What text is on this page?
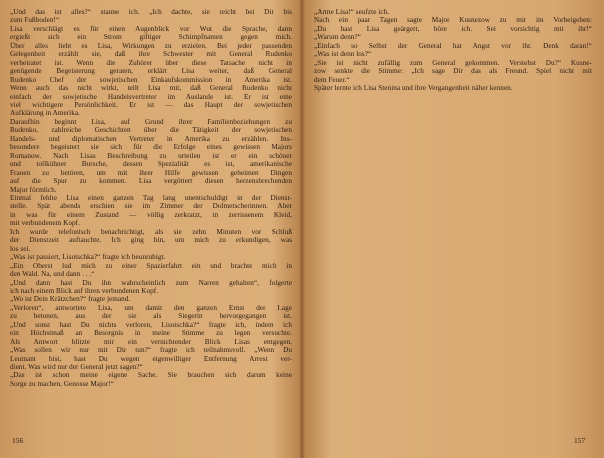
„Und das ist alles?“ staune ich. „Ich dachte, sie reicht bei Dir bis
zum Fußboden!“
Lisa verschlägt es für einen Augenblick vor Wut die Sprache, dann
ergießt sich ein Strom giftiger Schimpfnamen gegen mich.
Über alles liebt es Lisa, Wirkungen zu erzielen. Bei jeder passenden
Gelegenheit erzählt sie, daß ihre Schwester mit General Rudenko
verheiratet ist. Wenn die Zuhörer über diese Tatsache nicht in
genügende Begeisterung geraten, erklärt Lisa weiter, daß General
Rudenko Chef der sowjetischen Einkaufskommission in Amerika ist.
Wenn auch das nicht wirkt, teilt Lisa mit, daß General Rudenko nicht
einfach der sowjetische Handelsvertreter im Auslande ist. Er ist eine
viel wichtigere Persönlichkeit. Er ist — das Haupt der sowjetischen
Aufklärung in Amerika.
Daraufhin beginnt Lisa, auf Grund ihrer Familienbeziehungen zu
Rudenko, zahlreiche Geschichten über die Tätigkeit der sowjetischen
Handels- und diplomatischen Vertreter in Amerika zu erzählen. Ins-
besondere begeistert sie sich für die Erfolge eines gewissen Majors
Romanow. Nach Lisas Beschreibung zu urteilen ist er ein schöner
und tollkühner Bursche, dessen Spezialität es ist, amerikanische
Frauen zu betören, um mit ihrer Hilfe gewissen geheimen Dingen
auf die Spur zu kommen. Lisa vergöttert diesen herzensbrechenden
Major förmlich.
Einmal fehlte Lisa einen ganzen Tag lang unentschuldigt in der Dienst-
stelle. Spät abends erschien sie im Zimmer der Dolmetscherinnen. Aber
in was für einem Zustand — völlig zerkratzt, in zerrissenem Kleid,
mit verbundenem Kopf.
Ich wurde telefonisch benachrichtigt, als sie zehn Minuten vor Schluß
der Dienstzeit auftauchte. Ich ging hin, um mich zu erkundigen, was
los sei.
„Was ist passiert, Lisotschka?“ fragte ich beunruhigt.
„Ein Oberst lud mich zu einer Spazierfahrt ein und brachte mich in
den Wald. Na, und dann . . .“
„Und dann hast Du ihn wahrscheinlich zum Narren gehalten“, folgerte
ich nach einem Blick auf ihren verbundenen Kopf.
„Wo ist Dein Krätzchen?“ fragte jemand.
„Verloren“, antwortete Lisa, um damit den ganzen Ernst der Lage
zu betonen, aus der sie als Siegerin hervorgegangen ist.
„Und sonst hast Du nichts verloren, Lisotschka?“ fragte ich, indem ich
ein Höchstmaß an Besorgnis in meine Stimme zu legen versuchte.
Als Antwort blitzte mir ein vernichtender Blick Lisas entgegen.
„Was sollen wir nur mit Dir tun?“ fragte ich teilnahmsvoll. „Wenn Du
Leutnant bist, hast Du wegen eigenwilliger Entfernung Arrest ver-
dient. Was wird nur der General jetzt sagen?“
„Das ist schon meine eigene Sache. Sie brauchen sich darum keine
Sorge zu machen, Genosse Major!“
„Arme Lisa!“ seufzte ich.
Nach ein paar Tagen sagte Major Kusnezow zu mir im Vorbeigehen:
„Du hast Lisa geärgert, höre ich. Sei vorsichtig mit ihr!“
„Warum denn?“
„Einfach so Selbst der General hat Angst vor ihr. Denk daran!“
„Was ist denn los?“
„Sie ist nicht zufällig zum General gekommen. Verstehst Du?“ Kusne-
zow senkte die Stimme: „Ich sage Dir das als Freund. Spiel nicht mit
dem Feuer.“
Später lernte ich Lisa Stenina und ihre Vergangenheit näher kennen.
156	157
